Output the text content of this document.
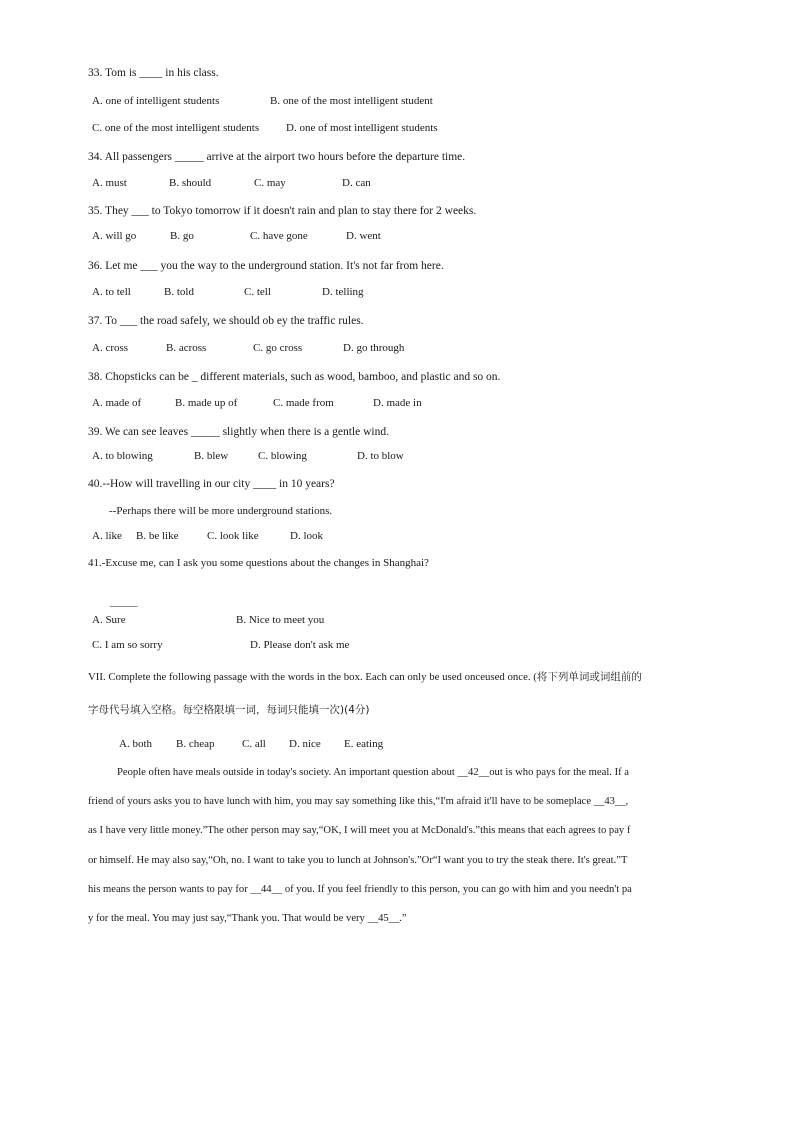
33. Tom is ____ in his class.
A. one of intelligent students	B. one of the most intelligent student
C. one of the most intelligent students D. one of most intelligent students
34. All passengers _____ arrive at the airport two hours before the departure time.
A. must	B. should	C. may	D. can
35. They ___ to Tokyo tomorrow if it doesn't rain and plan to stay there for 2 weeks.
A. will go	B. go	C. have gone	D. went
36. Let me ___ you the way to the underground station. It's not far from here.
A. to tell	B. told	C. tell	D. telling
37. To ___ the road safely, we should ob ey the traffic rules.
A. cross	B. across	C. go cross	D. go through
38. Chopsticks can be _ different materials, such as wood, bamboo, and plastic and so on.
A. made of	B. made up of	C. made from	D. made in
39. We can see leaves _____ slightly when there is a gentle wind.
A. to blowing	B. blew	C. blowing	D. to blow
40.--How will travelling in our city ____ in 10 years?
--Perhaps there will be more underground stations.
A. like B. be like	C. look like	D. look
41.-Excuse me, can I ask you some questions about the changes in Shanghai?
_____
A. Sure	B. Nice to meet you
C. I am so sorry	D. Please don't ask me
VII. Complete the following passage with the words in the box. Each can only be used onceused once. (将下列单词或词组前的
字母代号填入空格。每空格限填一词，每词只能填一次)(4分)
A. both B. cheap	C. all D. nice E. eating
People often have meals outside in today's society. An important question about __42__out is who pays for the meal. If a
friend of yours asks you to have lunch with him, you may say something like this,“I'm afraid it'll have to be someplace __43__,
as I have very little money.”The other person may say,“OK, I will meet you at McDonald's.”this means that each agrees to pay f
or himself. He may also say,“Oh, no. I want to take you to lunch at Johnson's.”Or“I want you to try the steak there. It's great.”T
his means the person wants to pay for __44__ of you. If you feel friendly to this person, you can go with him and you needn't pa
y for the meal. You may just say,“Thank you. That would be very __45__.”
